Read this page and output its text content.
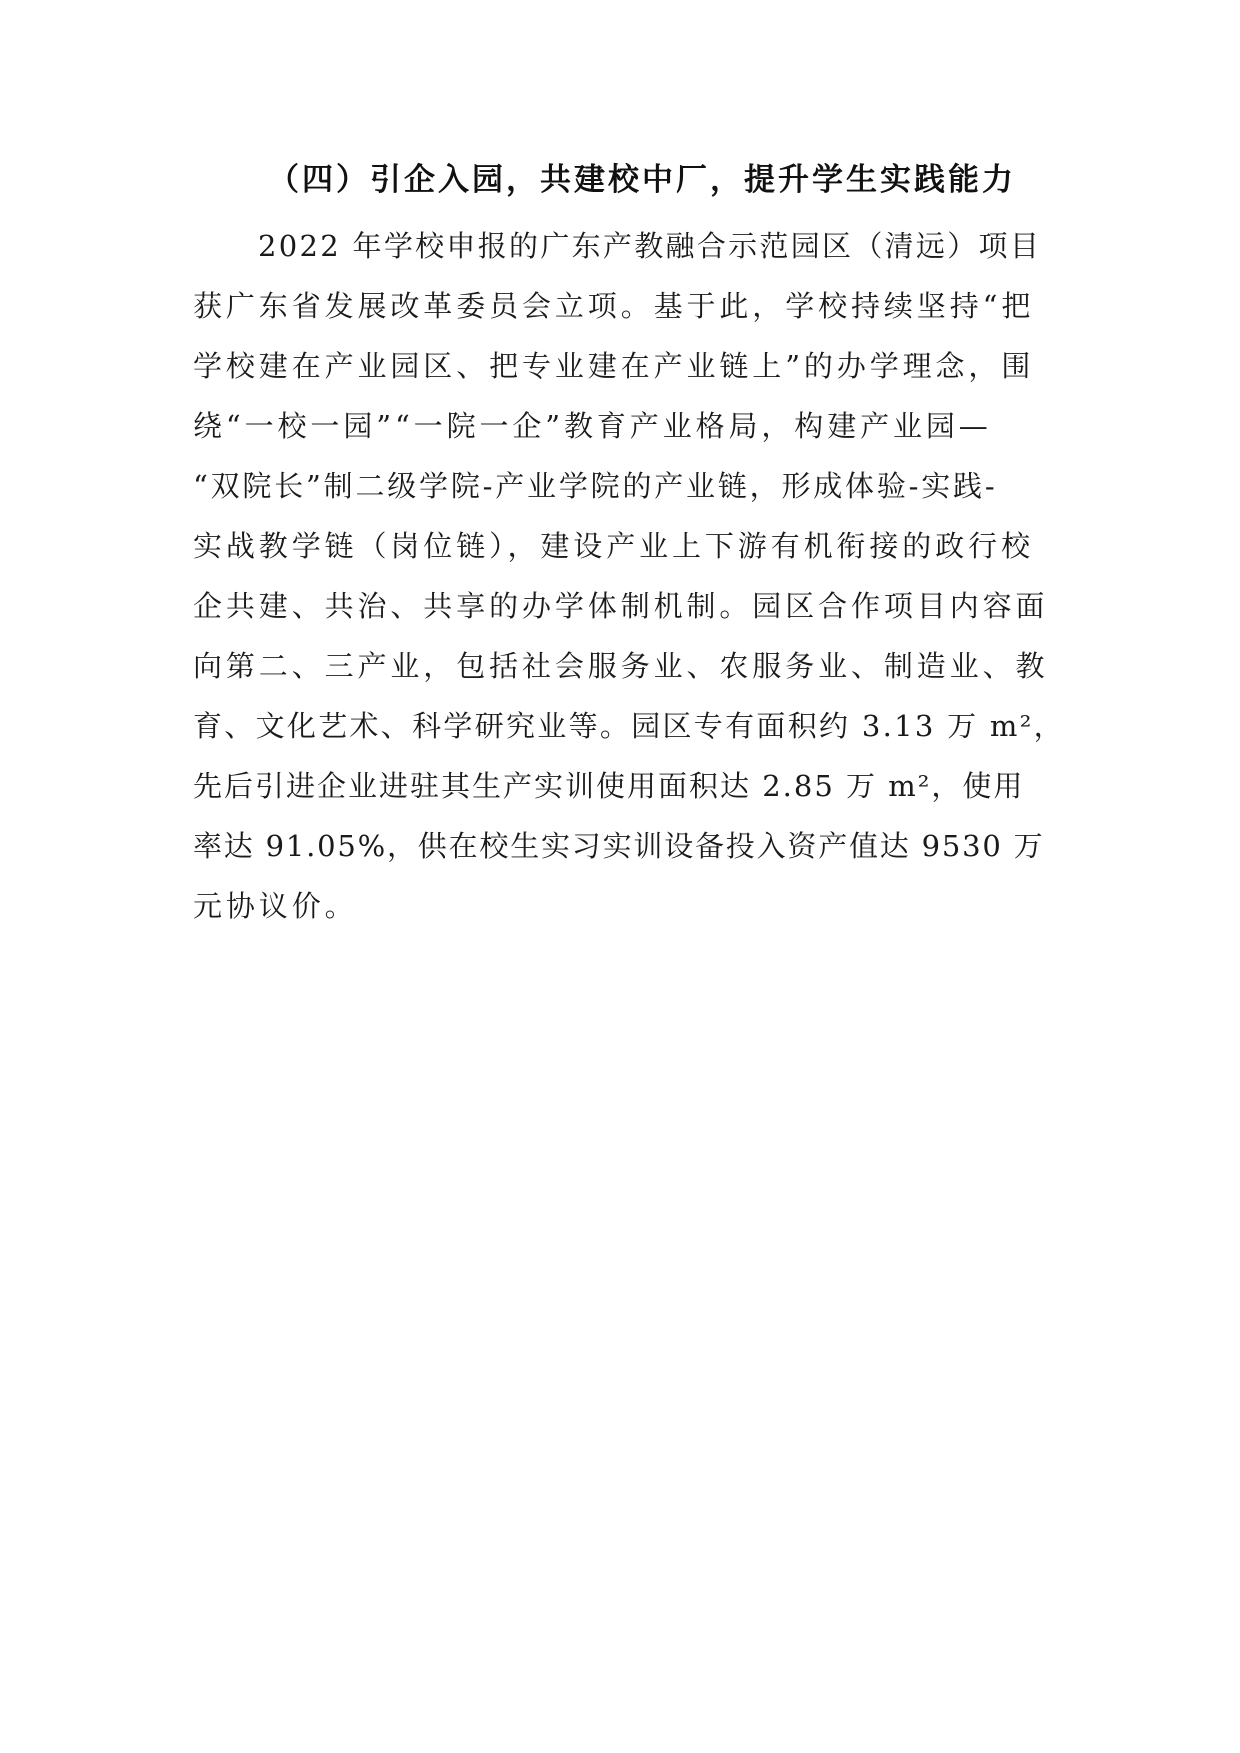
（四）引企入园，共建校中厂，提升学生实践能力
2022 年学校申报的广东产教融合示范园区（清远）项目
获广东省发展改革委员会立项。基于此，学校持续坚持“把
学校建在产业园区、把专业建在产业链上”的办学理念，围
绕“一校一园”“一院一企”教育产业格局，构建产业园—
“双院长”制二级学院-产业学院的产业链，形成体验-实践-
实战教学链（岗位链），建设产业上下游有机衔接的政行校
企共建、共治、共享的办学体制机制。园区合作项目内容面
向第二、三产业，包括社会服务业、农服务业、制造业、教
育、文化艺术、科学研究业等。园区专有面积约 3.13 万 m²，
先后引进企业进驻其生产实训使用面积达 2.85 万 m²，使用
率达 91.05%，供在校生实习实训设备投入资产值达 9530 万
元协议价。
